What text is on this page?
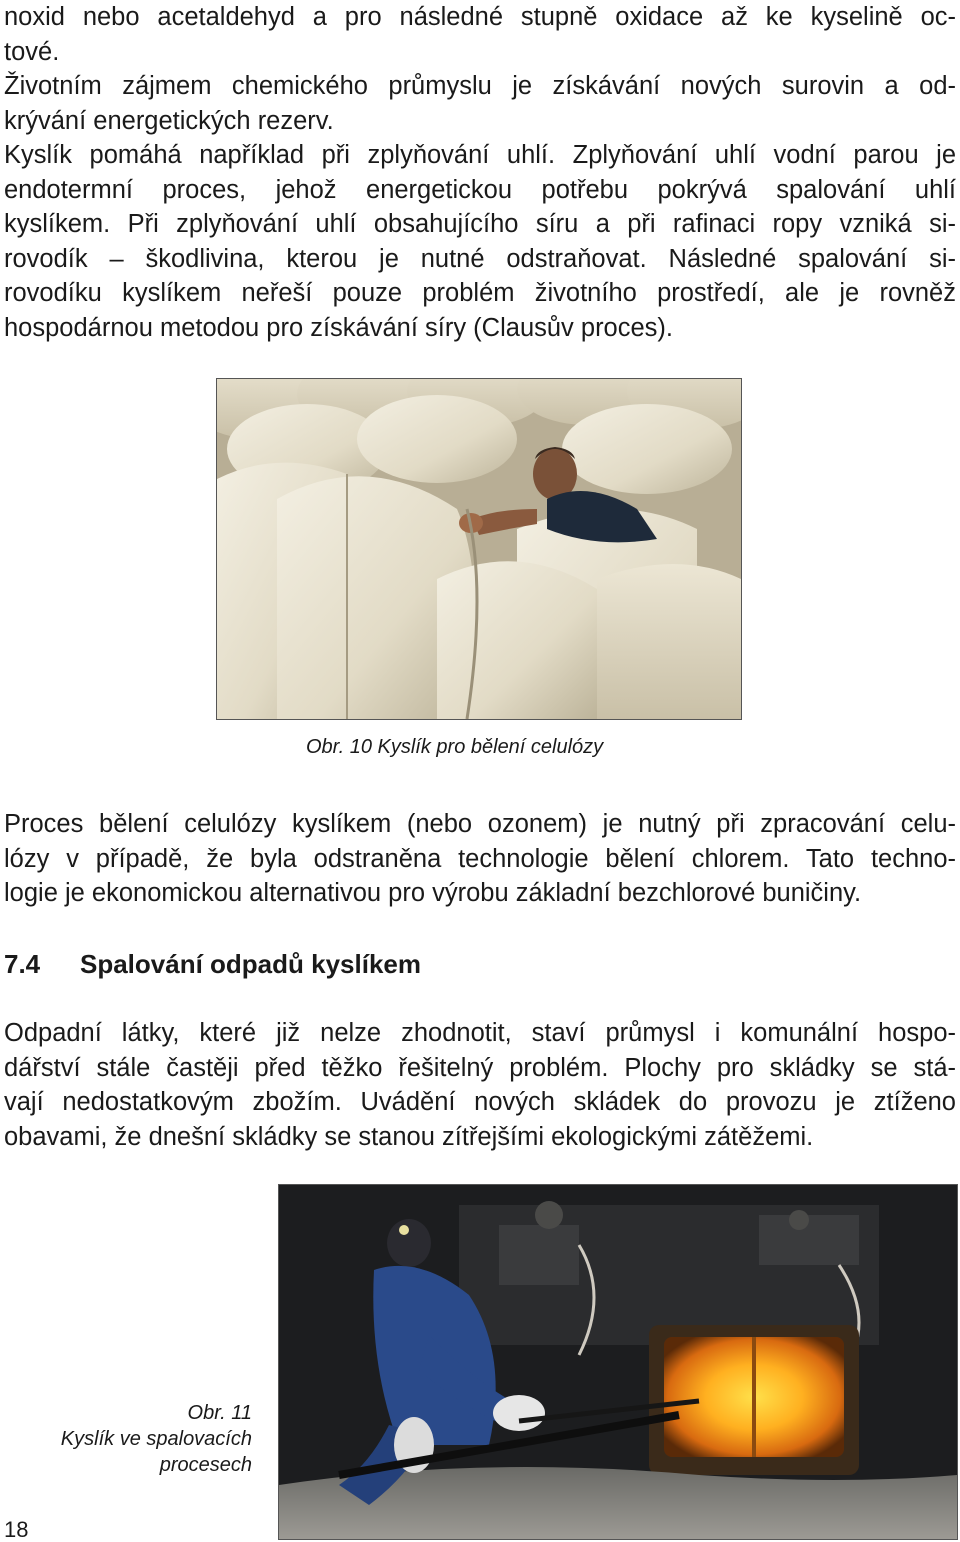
noxid nebo acetaldehyd a pro následné stupně oxidace až ke kyselině oc-
tové.
Životním zájmem chemického průmyslu je získávání nových surovin a od-
krývání energetických rezerv.
Kyslík pomáhá například při zplyňování uhlí. Zplyňování uhlí vodní parou je
endotermní proces, jehož energetickou potřebu pokrývá spalování uhlí
kyslíkem. Při zplyňování uhlí obsahujícího síru a při rafinaci ropy vzniká si-
rovodík – škodlivina, kterou je nutné odstraňovat. Následné spalování si-
rovodíku kyslíkem neřeší pouze problém životního prostředí, ale je rovněž
hospodárnou metodou pro získávání síry (Clausův proces).
Obr. 10 Kyslík pro bělení celulózy
Proces bělení celulózy kyslíkem (nebo ozonem) je nutný při zpracování celu-
lózy v případě, že byla odstraněna technologie bělení chlorem. Tato techno-
logie je ekonomickou alternativou pro výrobu základní bezchlorové buničiny.
7.4 Spalování odpadů kyslíkem
Odpadní látky, které již nelze zhodnotit, staví průmysl i komunální hospo-
dářství stále častěji před těžko řešitelný problém. Plochy pro skládky se stá-
vají nedostatkovým zbožím. Uvádění nových skládek do provozu je ztíženo
obavami, že dnešní skládky se stanou zítřejšími ekologickými zátěžemi.
Obr. 11
Kyslík ve spalovacích
procesech
18
